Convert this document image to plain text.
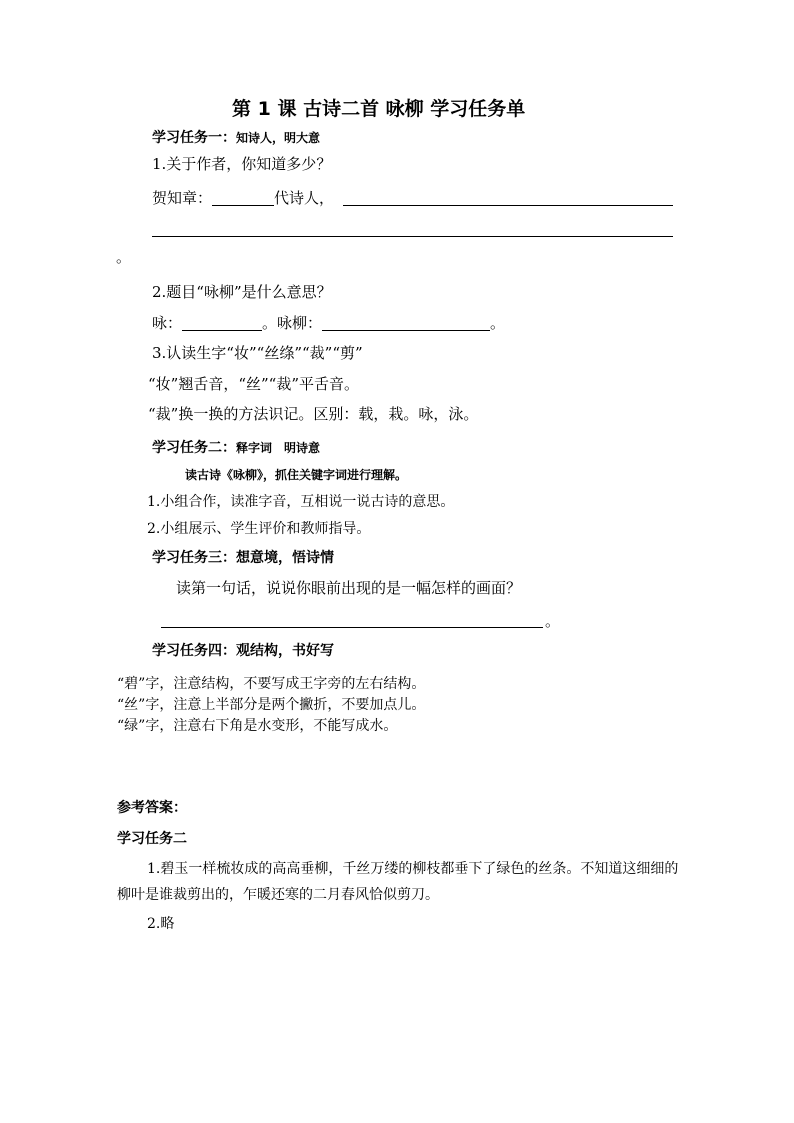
第 1 课 古诗二首 咏柳 学习任务单
学习任务一：知诗人，明大意
1.关于作者，你知道多少？
贺知章：	代诗人，
。
2.题目“咏柳”是什么意思？
咏：	。咏柳：	。
3.认读生字“妆”“丝绦”“裁”“剪”
“妆”翘舌音，“丝”“裁”平舌音。
“裁”换一换的方法识记。区别：载，栽。咏，泳。
学习任务二：释字词　明诗意
读古诗《咏柳》，抓住关键字词进行理解。
1.小组合作，读准字音，互相说一说古诗的意思。
2.小组展示、学生评价和教师指导。
学习任务三：想意境，悟诗情
读第一句话，说说你眼前出现的是一幅怎样的画面？
。
学习任务四：观结构，书好写
“碧”字，注意结构，不要写成王字旁的左右结构。
“丝”字，注意上半部分是两个撇折，不要加点儿。
“绿”字，注意右下角是水变形，不能写成水。
参考答案：
学习任务二
1.碧玉一样梳妆成的高高垂柳，千丝万缕的柳枝都垂下了绿色的丝条。不知道这细细的
柳叶是谁裁剪出的，乍暖还寒的二月春风恰似剪刀。
2.略
